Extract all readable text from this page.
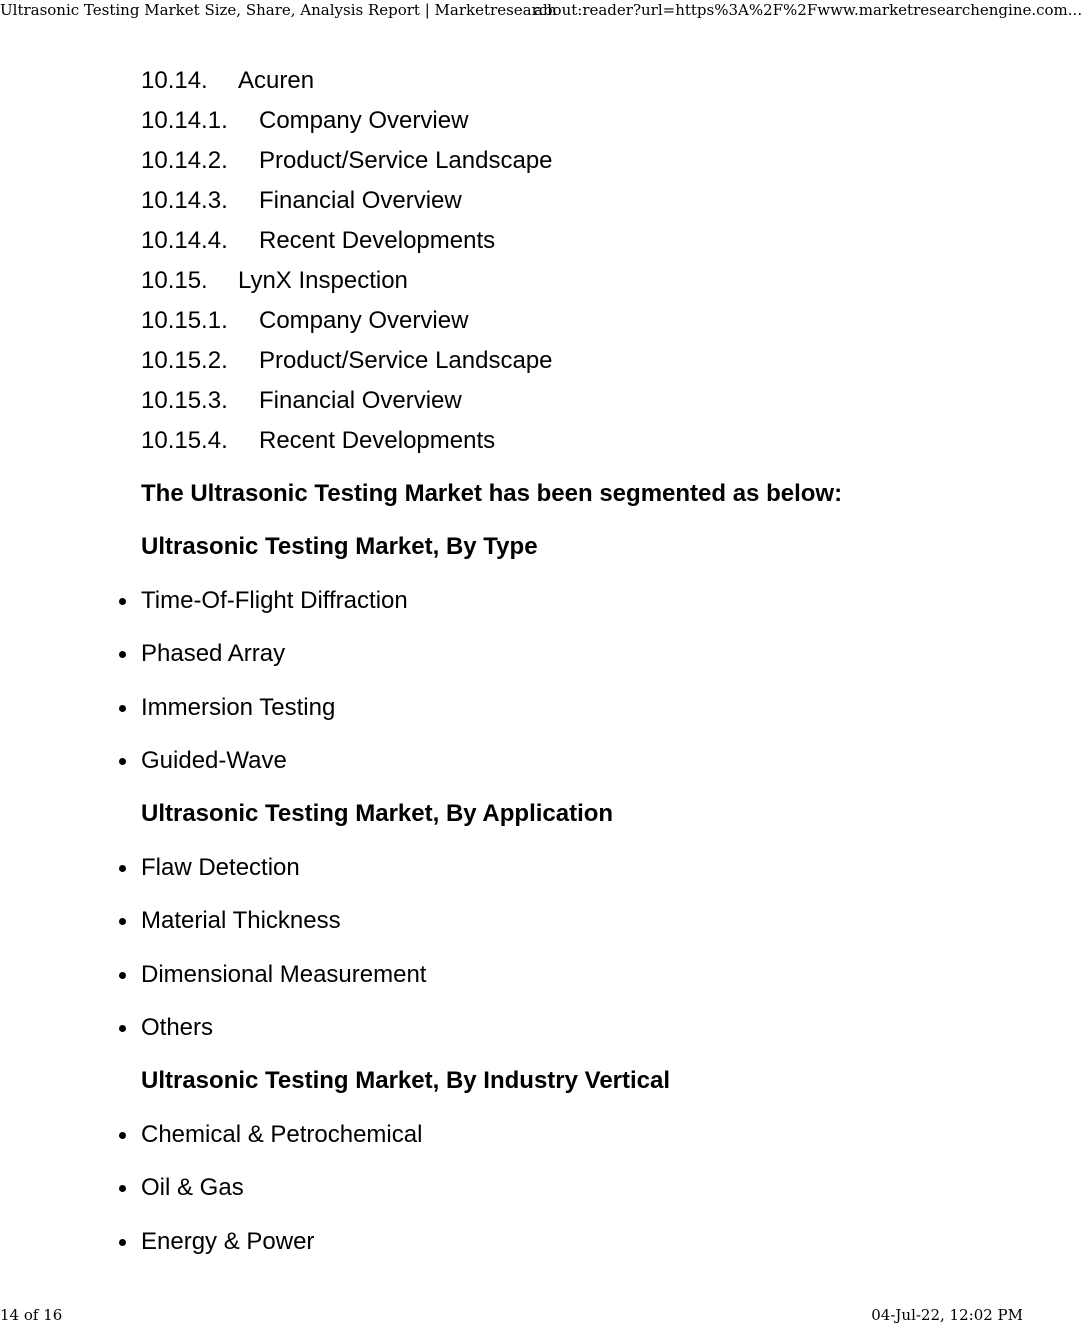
Ultrasonic Testing Market Size, Share, Analysis Report | Marketresearch
about:reader?url=https%3A%2F%2Fwww.marketresearchengine.com...
10.14. Acuren
10.14.1. Company Overview
10.14.2. Product/Service Landscape
10.14.3. Financial Overview
10.14.4. Recent Developments
10.15. LynX Inspection
10.15.1. Company Overview
10.15.2. Product/Service Landscape
10.15.3. Financial Overview
10.15.4. Recent Developments

The Ultrasonic Testing Market has been segmented as below:

Ultrasonic Testing Market, By Type

Time-Of-Flight Diffraction
Phased Array
Immersion Testing
Guided-Wave

Ultrasonic Testing Market, By Application

Flaw Detection
Material Thickness
Dimensional Measurement
Others

Ultrasonic Testing Market, By Industry Vertical

Chemical & Petrochemical
Oil & Gas
Energy & Power
14 of 16	04-Jul-22, 12:02 PM
